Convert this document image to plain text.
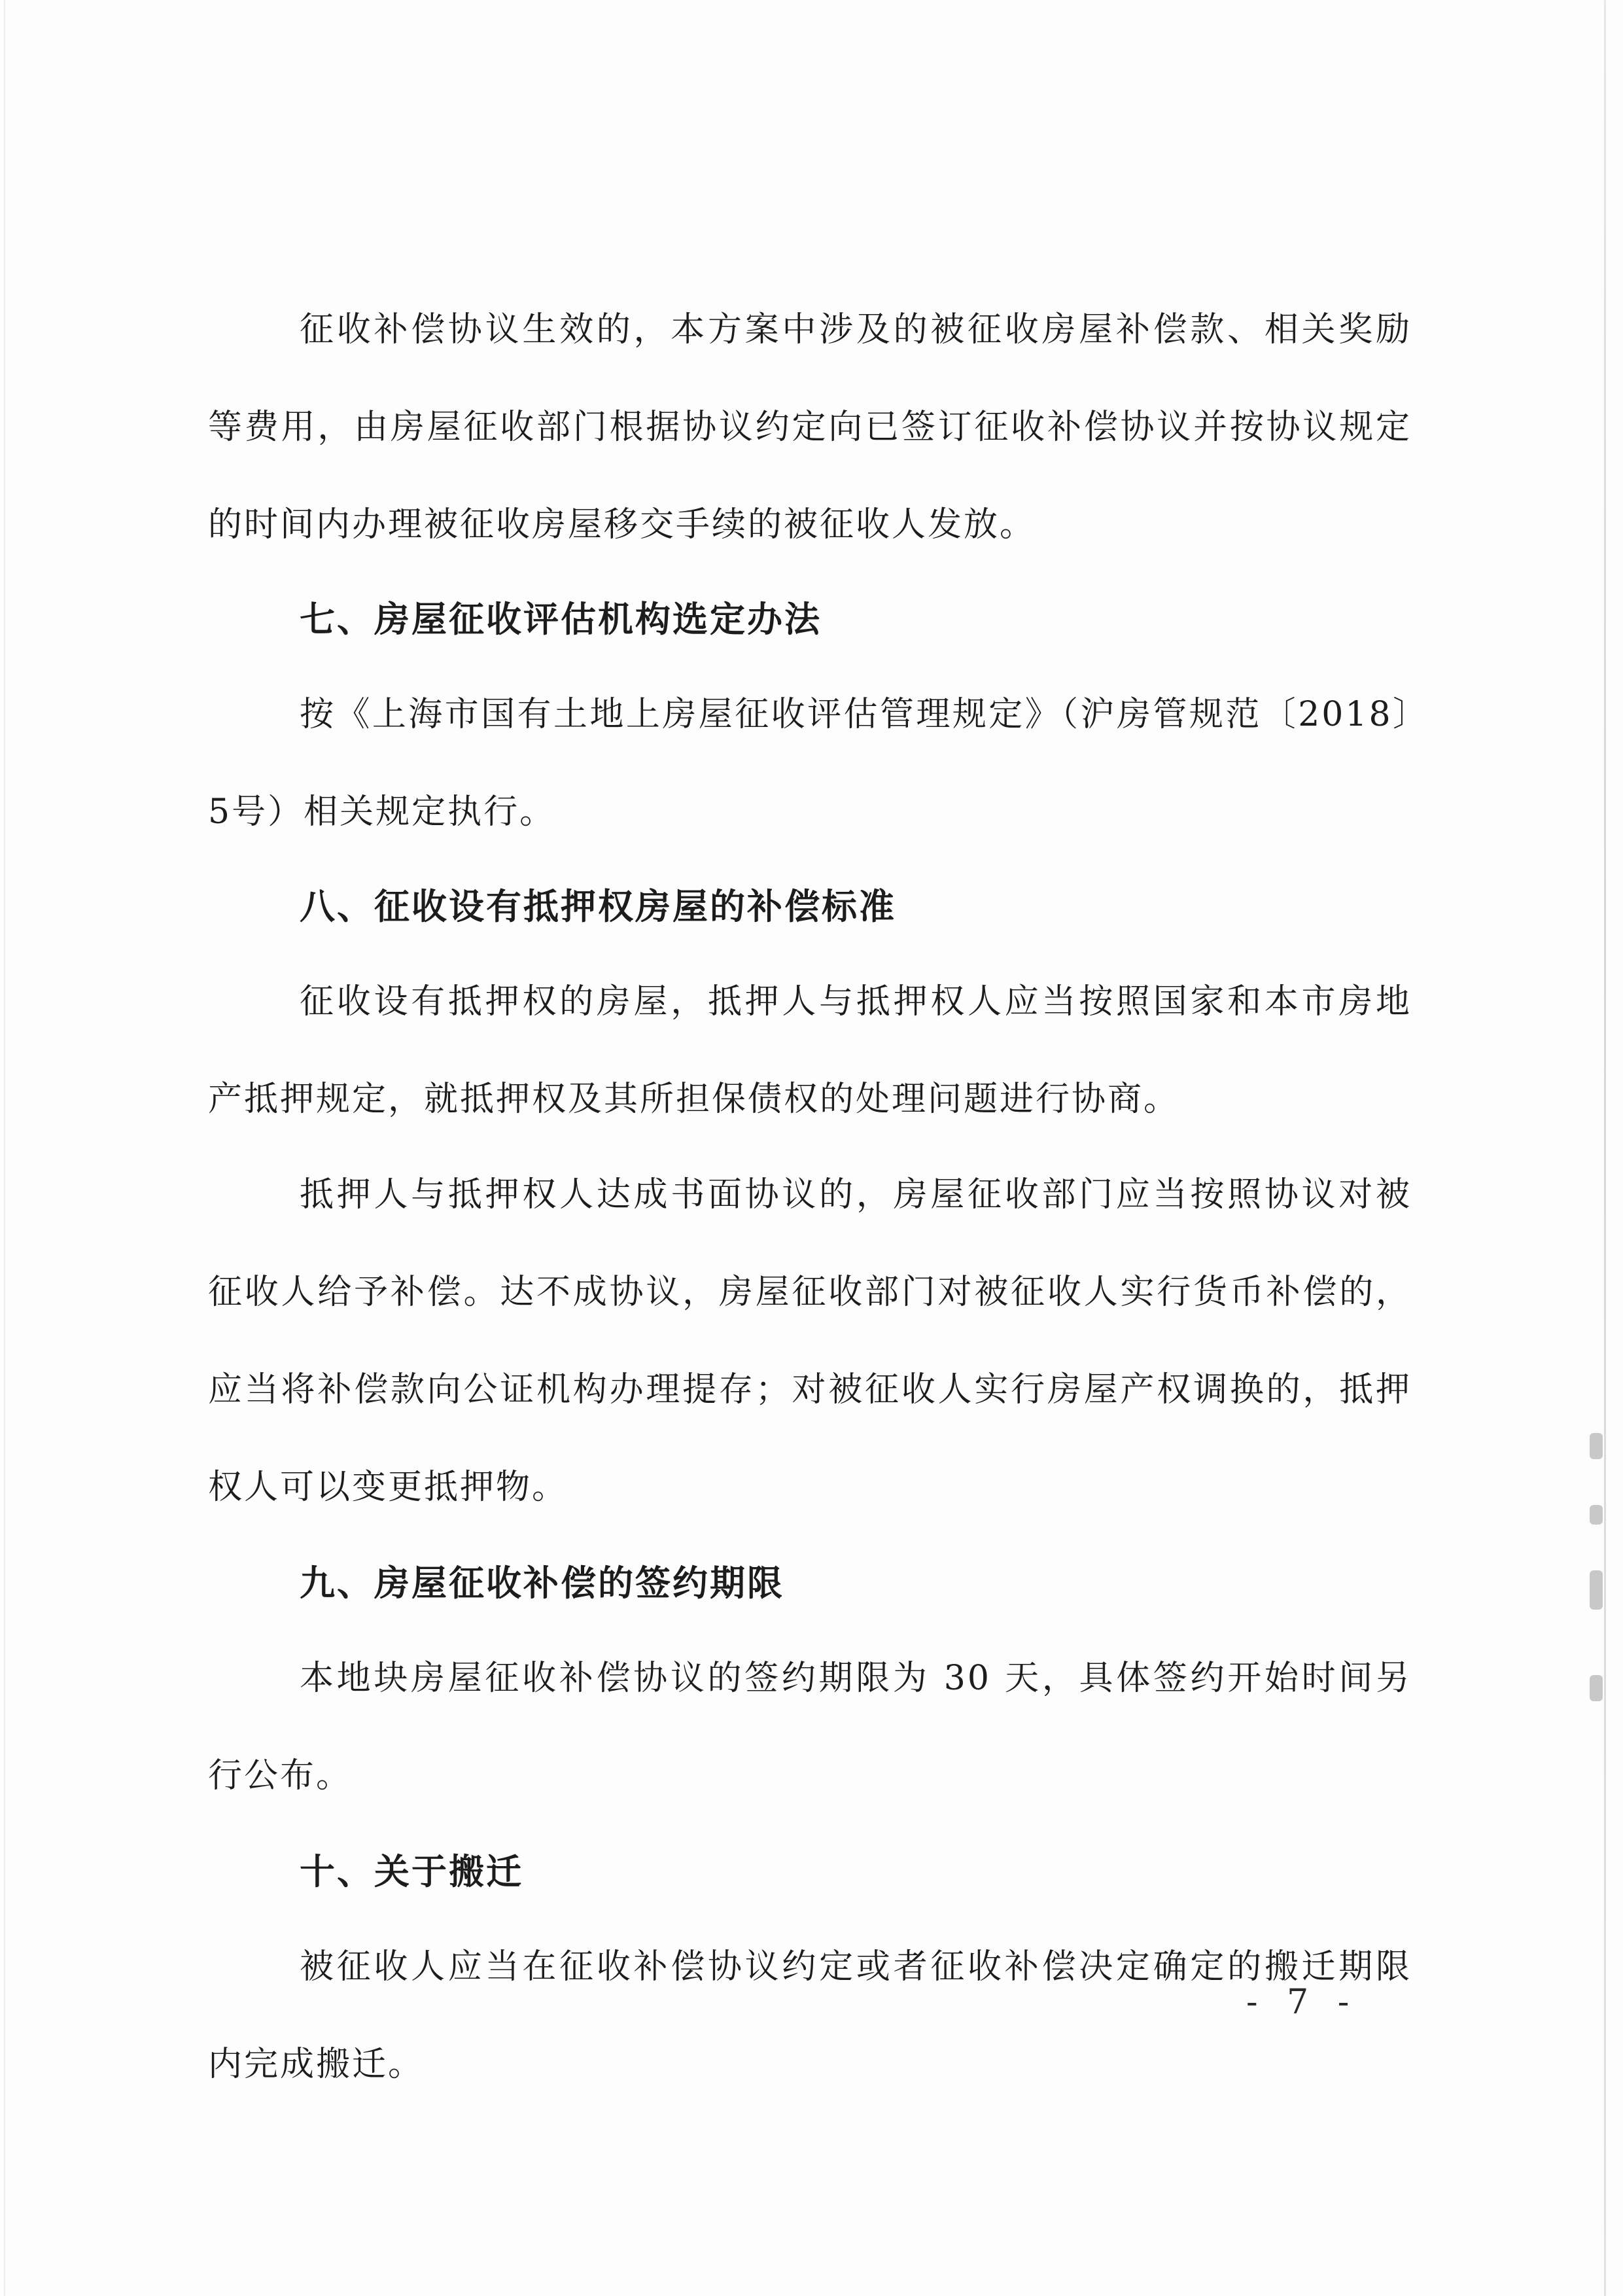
征收补偿协议生效的，本方案中涉及的被征收房屋补偿款、相关奖励等费用，由房屋征收部门根据协议约定向已签订征收补偿协议并按协议规定的时间内办理被征收房屋移交手续的被征收人发放。

七、房屋征收评估机构选定办法

按《上海市国有土地上房屋征收评估管理规定》（沪房管规范〔2018〕5号）相关规定执行。

八、征收设有抵押权房屋的补偿标准

征收设有抵押权的房屋，抵押人与抵押权人应当按照国家和本市房地产抵押规定，就抵押权及其所担保债权的处理问题进行协商。

抵押人与抵押权人达成书面协议的，房屋征收部门应当按照协议对被征收人给予补偿。达不成协议，房屋征收部门对被征收人实行货币补偿的，应当将补偿款向公证机构办理提存；对被征收人实行房屋产权调换的，抵押权人可以变更抵押物。

九、房屋征收补偿的签约期限

本地块房屋征收补偿协议的签约期限为 30 天，具体签约开始时间另行公布。

十、关于搬迁

被征收人应当在征收补偿协议约定或者征收补偿决定确定的搬迁期限内完成搬迁。

- 7 -
